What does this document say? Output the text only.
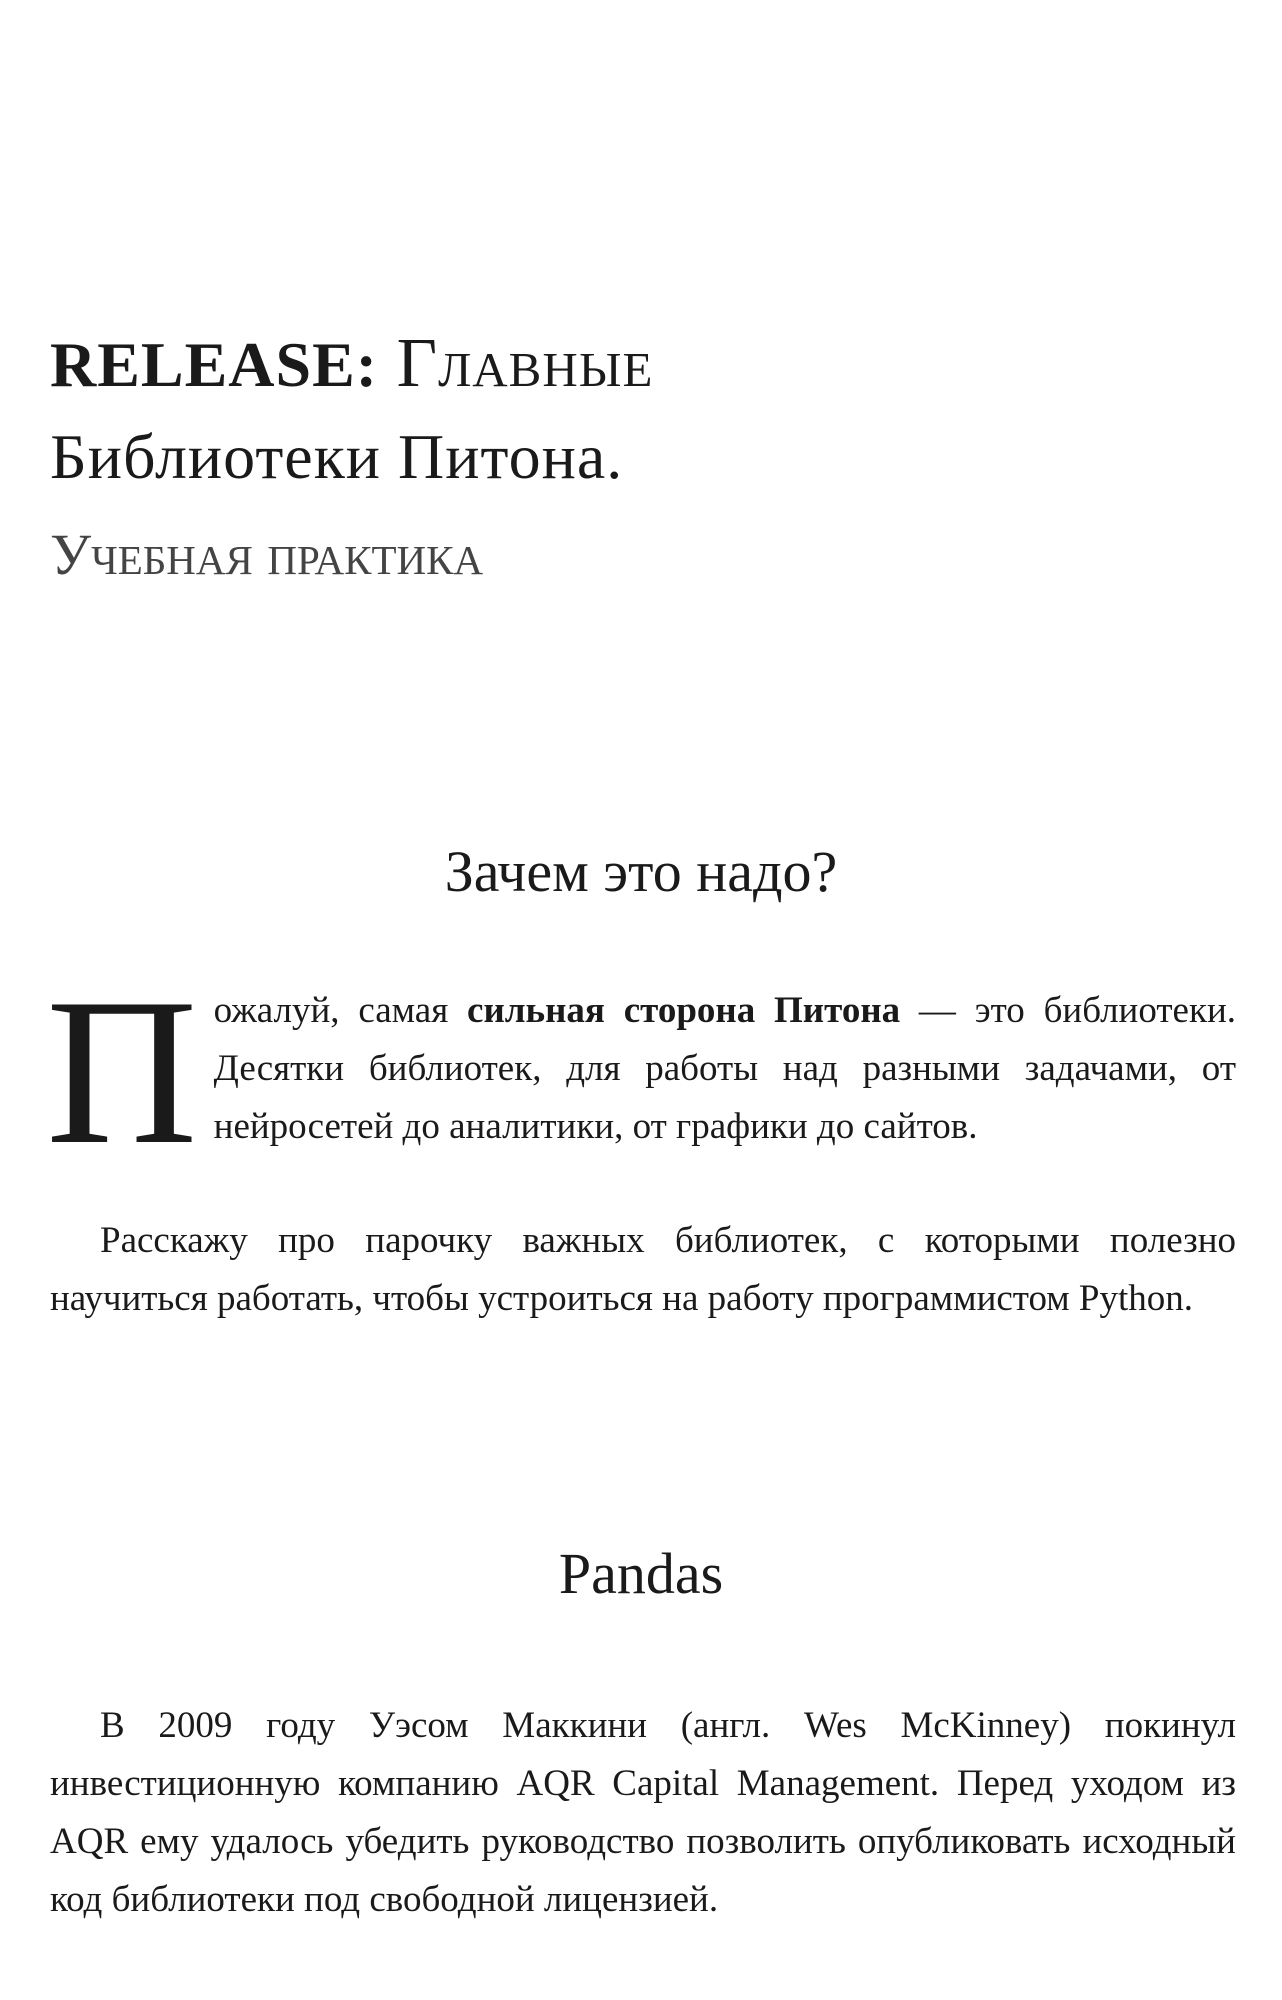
RELEASE: Главные
Библиотеки Питона.
Учебная практика
Зачем это надо?

Пожалуй, самая сильная сторона Питона — это библиотеки. Десятки библиотек, для работы над разными задачами, от нейросетей до аналитики, от графики до сайтов.

Расскажу про парочку важных библиотек, с которыми полезно научиться работать, чтобы устроиться на работу программистом Python.

Pandas

В 2009 году Уэсом Маккини (англ. Wes McKinney) покинул инвестиционную компанию AQR Capital Management. Перед уходом из AQR ему удалось убедить руководство позволить опубликовать исходный код библиотеки под свободной лицензией.
